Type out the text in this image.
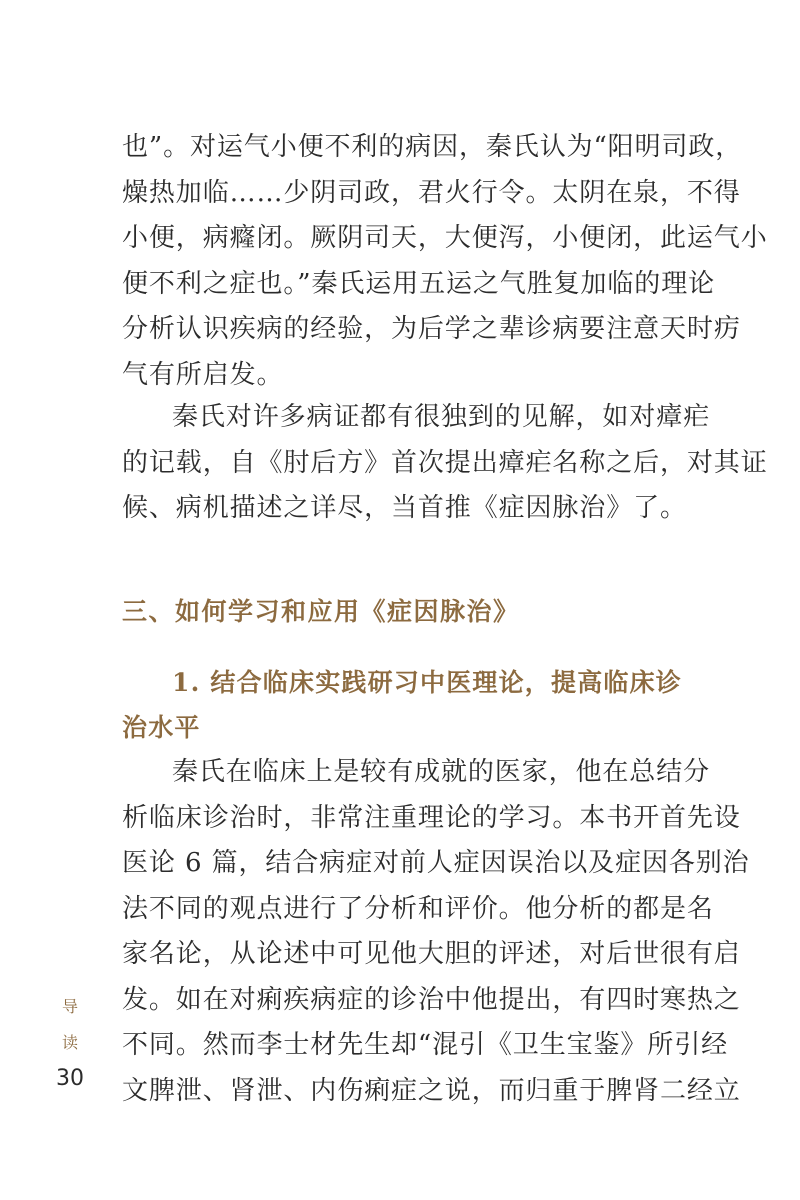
也”。对运气小便不利的病因，秦氏认为“阳明司政，
燥热加临……少阴司政，君火行令。太阴在泉，不得
小便，病癃闭。厥阴司天，大便泻，小便闭，此运气小
便不利之症也。”秦氏运用五运之气胜复加临的理论
分析认识疾病的经验，为后学之辈诊病要注意天时疠
气有所启发。
秦氏对许多病证都有很独到的见解，如对瘴疟
的记载，自《肘后方》首次提出瘴疟名称之后，对其证
候、病机描述之详尽，当首推《症因脉治》了。
三、如何学习和应用《症因脉治》
1. 结合临床实践研习中医理论，提高临床诊
治水平
秦氏在临床上是较有成就的医家，他在总结分
析临床诊治时，非常注重理论的学习。本书开首先设
医论 6 篇，结合病症对前人症因误治以及症因各别治
法不同的观点进行了分析和评价。他分析的都是名
家名论，从论述中可见他大胆的评述，对后世很有启
发。如在对痢疾病症的诊治中他提出，有四时寒热之
不同。然而李士材先生却“混引《卫生宝鉴》所引经
文脾泄、肾泄、内伤痢症之说，而归重于脾肾二经立
导
读
30
